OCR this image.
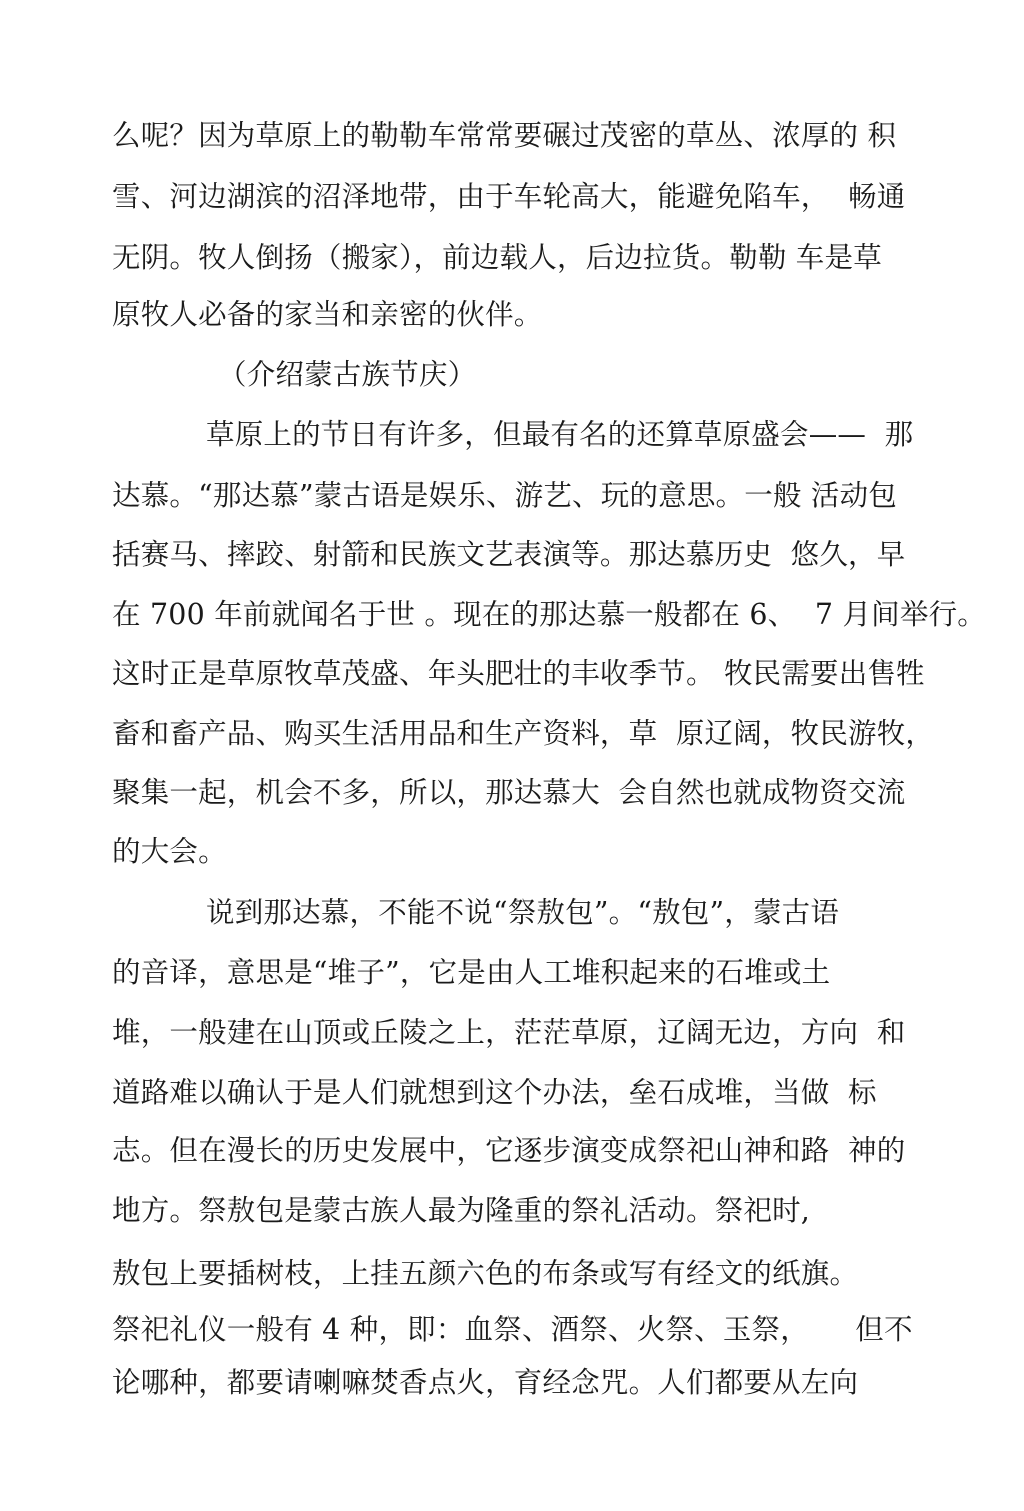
么呢？因为草原上的勒勒车常常要碾过茂密的草丛、浓厚的 积
雪、河边湖滨的沼泽地带，由于车轮高大，能避免陷车，  畅通
无阴。牧人倒扬（搬家），前边载人，后边拉货。勒勒 车是草
原牧人必备的家当和亲密的伙伴。
（介绍蒙古族节庆）
草原上的节日有许多，但最有名的还算草原盛会——  那
达慕。“那达慕”蒙古语是娱乐、游艺、玩的意思。一般 活动包
括赛马、摔跤、射箭和民族文艺表演等。那达慕历史  悠久，早
在 700 年前就闻名于世 。现在的那达慕一般都在 6、  7 月间举行。
这时正是草原牧草茂盛、年头肥壮的丰收季节。 牧民需要出售牲
畜和畜产品、购买生活用品和生产资料，草  原辽阔，牧民游牧，
聚集一起，机会不多，所以，那达慕大  会自然也就成物资交流
的大会。
说到那达慕，不能不说“祭敖包”。“敖包”，蒙古语
的音译，意思是“堆子”，它是由人工堆积起来的石堆或土
堆，一般建在山顶或丘陵之上，茫茫草原，辽阔无边，方向  和
道路难以确认于是人们就想到这个办法，垒石成堆，当做  标
志。但在漫长的历史发展中，它逐步演变成祭祀山神和路  神的
地方。祭敖包是蒙古族人最为隆重的祭礼活动。祭祀时,
敖包上要插树枝，上挂五颜六色的布条或写有经文的纸旗。
祭祀礼仪一般有 4 种，即：血祭、酒祭、火祭、玉祭，     但不
论哪种，都要请喇嘛焚香点火，育经念咒。人们都要从左向
